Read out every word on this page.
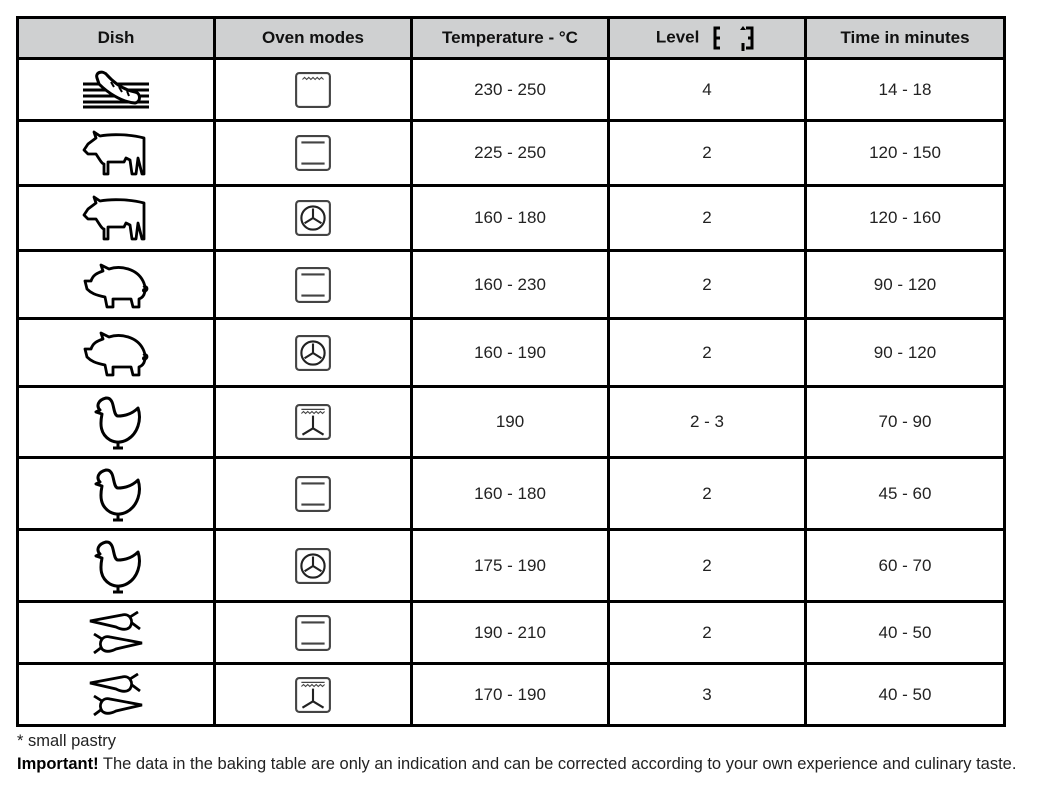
Dish	Oven modes	Temperature - °C	Level	Time in minutes
		230 - 250	4	14 - 18
		225 - 250	2	120 - 150
		160 - 180	2	120 - 160
		160 - 230	2	90 - 120
		160 - 190	2	90 - 120
		190	2 - 3	70 - 90
		160 - 180	2	45 - 60
		175 - 190	2	60 - 70
		190 - 210	2	40 - 50
		170 - 190	3	40 - 50
* small pastry
Important! The data in the baking table are only an indication and can be corrected according to your own experience and culinary taste.
